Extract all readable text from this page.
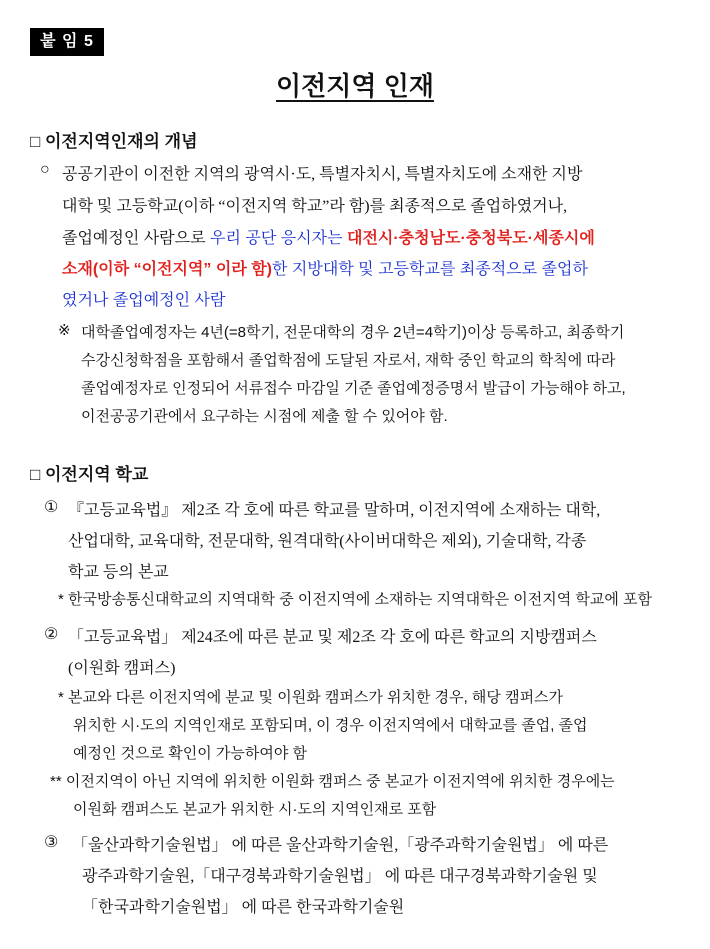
붙 임 5
이전지역 인재
□ 이전지역인재의 개념
○ 공공기관이 이전한 지역의 광역시·도, 특별자치시, 특별자치도에 소재한 지방
대학 및 고등학교(이하 “이전지역 학교”라 함)를 최종적으로 졸업하였거나,
졸업예정인 사람으로 우리 공단 응시자는 대전시·충청남도·충청북도·세종시에
소재(이하 “이전지역” 이라 함)한 지방대학 및 고등학교를 최종적으로 졸업하
였거나 졸업예정인 사람
※ 대학졸업예정자는 4년(=8학기, 전문대학의 경우 2년=4학기)이상 등록하고, 최종학기
수강신청학점을 포함해서 졸업학점에 도달된 자로서, 재학 중인 학교의 학칙에 따라
졸업예정자로 인정되어 서류접수 마감일 기준 졸업예정증명서 발급이 가능해야 하고,
이전공공기관에서 요구하는 시점에 제출 할 수 있어야 함.
□ 이전지역 학교
① 『고등교육법』 제2조 각 호에 따른 학교를 말하며, 이전지역에 소재하는 대학,
산업대학, 교육대학, 전문대학, 원격대학(사이버대학은 제외), 기술대학, 각종
학교 등의 본교
* 한국방송통신대학교의 지역대학 중 이전지역에 소재하는 지역대학은 이전지역 학교에 포함
② 「고등교육법」 제24조에 따른 분교 및 제2조 각 호에 따른 학교의 지방캠퍼스
(이원화 캠퍼스)
* 본교와 다른 이전지역에 분교 및 이원화 캠퍼스가 위치한 경우, 해당 캠퍼스가
위치한 시·도의 지역인재로 포함되며, 이 경우 이전지역에서 대학교를 졸업, 졸업
예정인 것으로 확인이 가능하여야 함
** 이전지역이 아닌 지역에 위치한 이원화 캠퍼스 중 본교가 이전지역에 위치한 경우에는
이원화 캠퍼스도 본교가 위치한 시·도의 지역인재로 포함
③ 「울산과학기술원법」 에 따른 울산과학기술원,「광주과학기술원법」 에 따른
광주과학기술원,「대구경북과학기술원법」 에 따른 대구경북과학기술원 및
「한국과학기술원법」 에 따른 한국과학기술원
